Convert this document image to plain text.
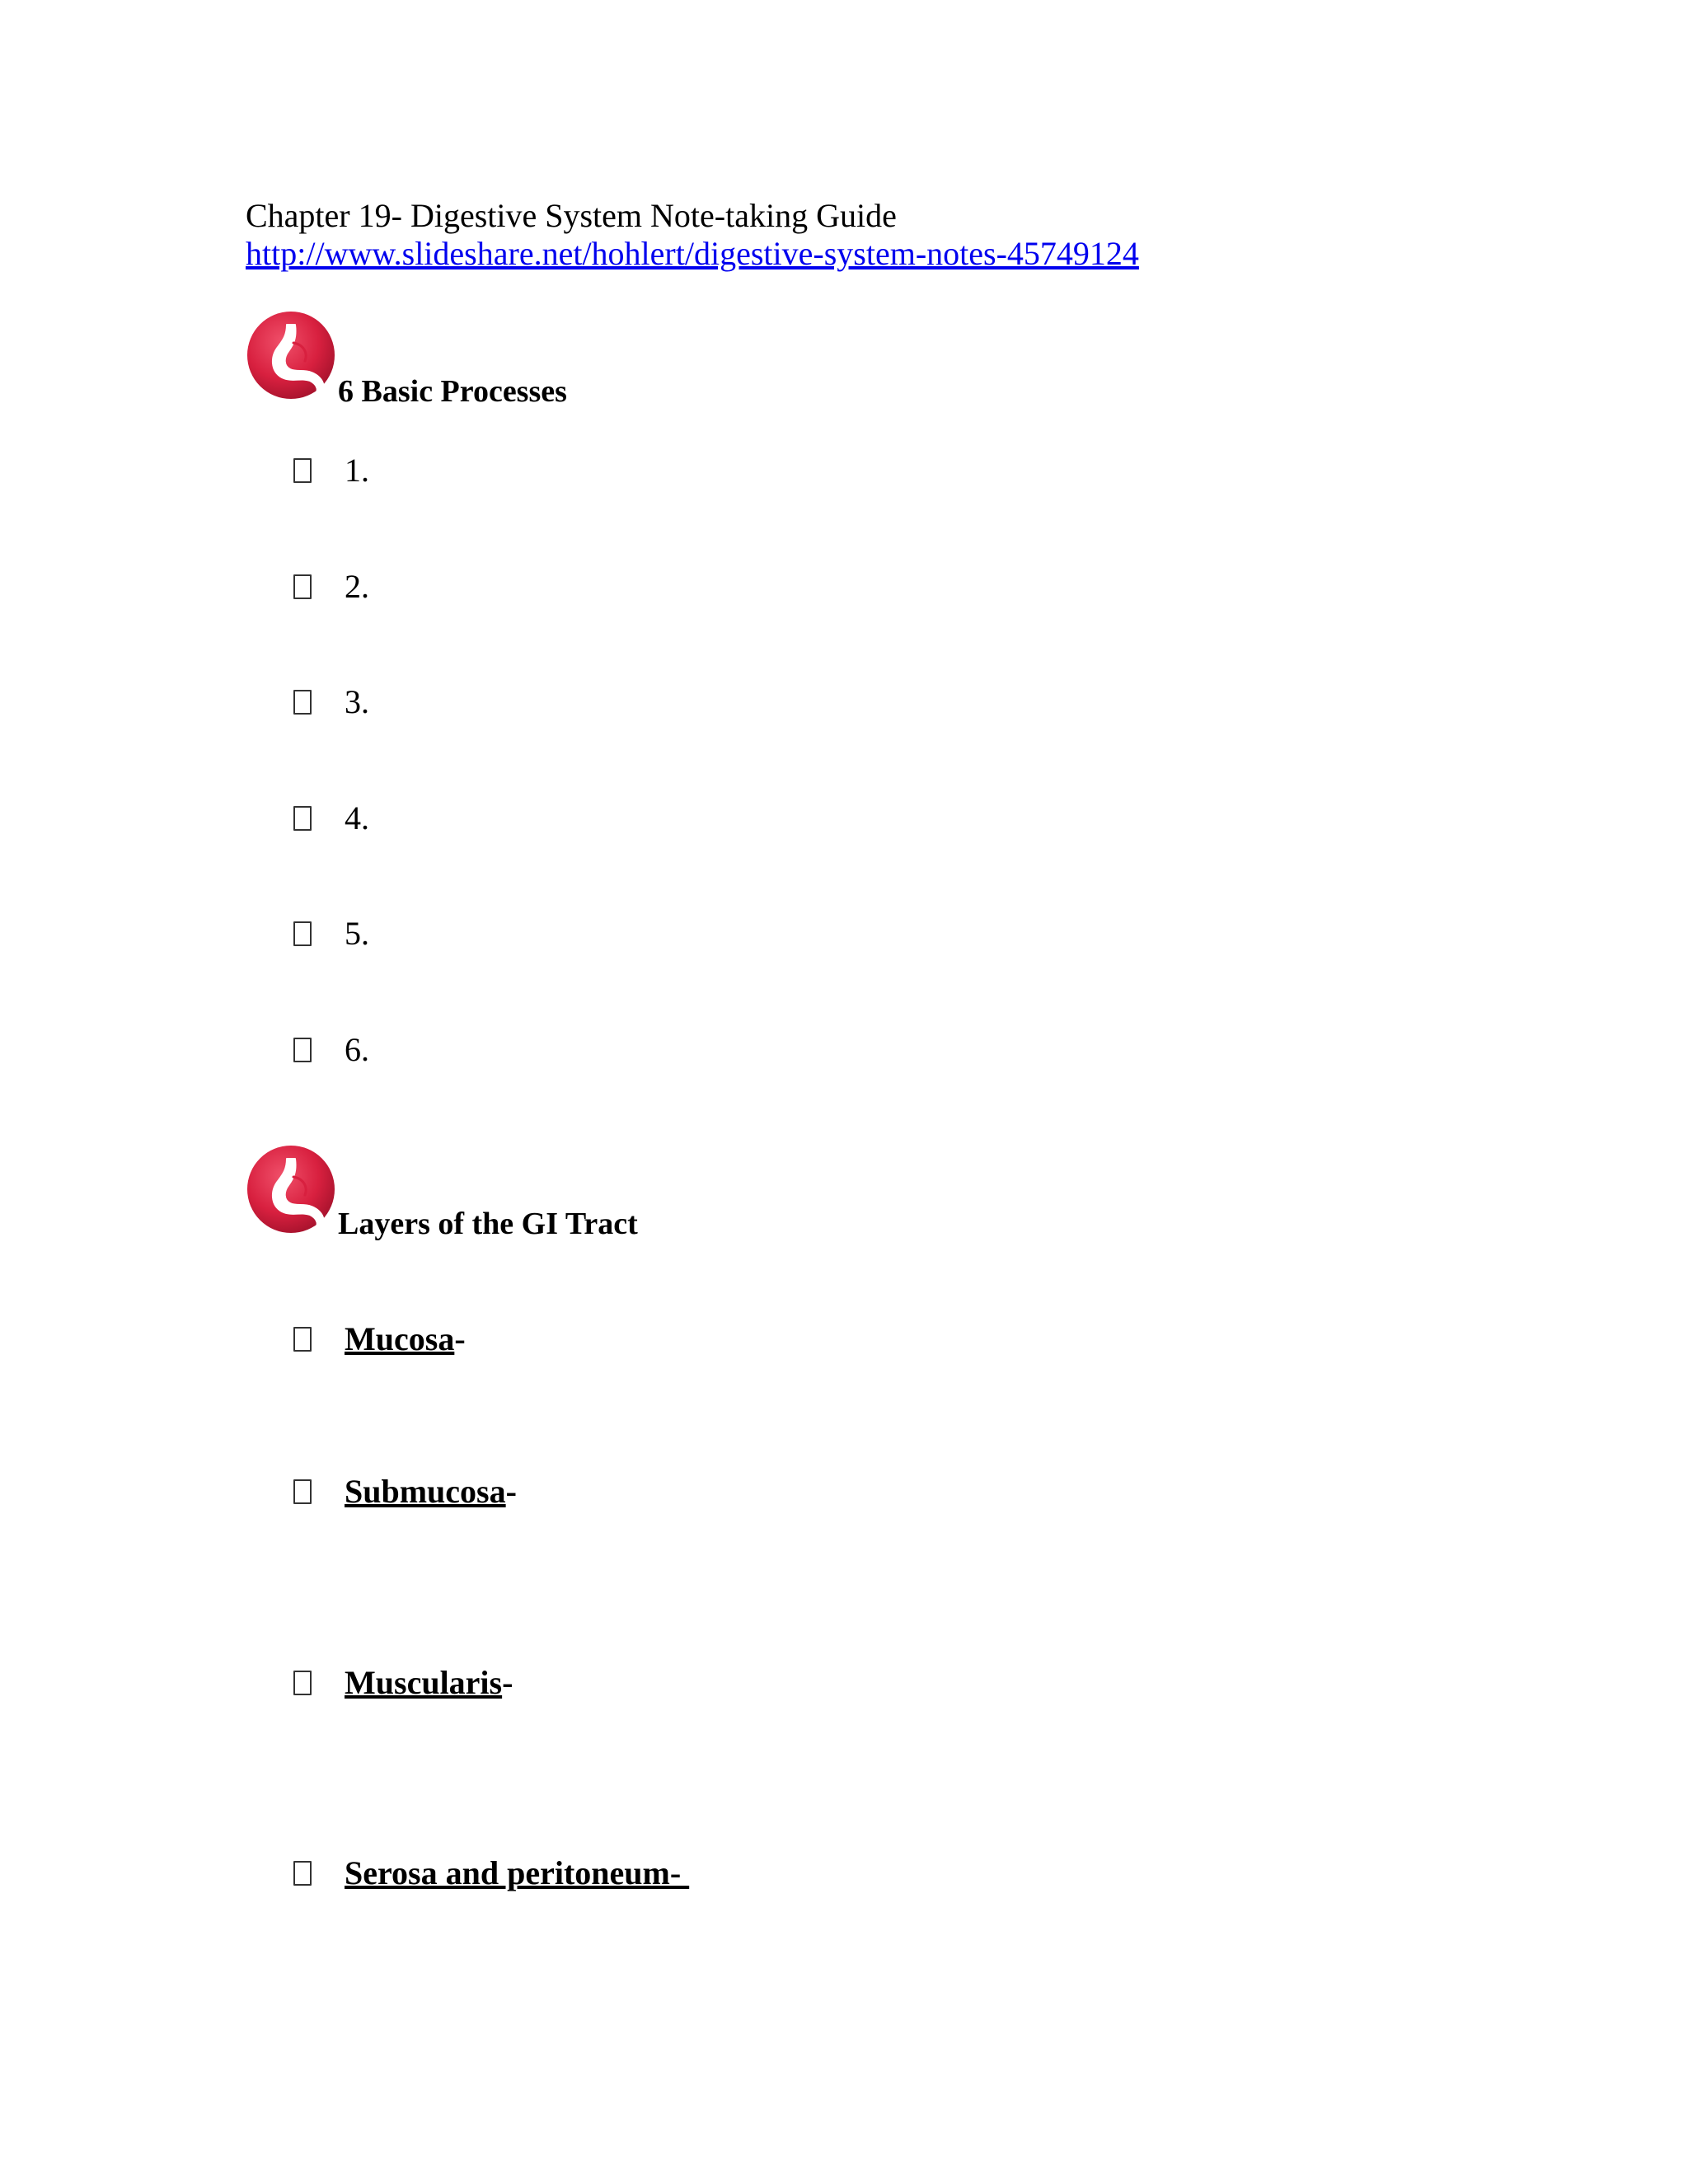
Chapter 19- Digestive System Note-taking Guide
http://www.slideshare.net/hohlert/digestive-system-notes-45749124
6 Basic Processes
1.
2.
3.
4.
5.
6.
Layers of the GI Tract
Mucosa-
Submucosa-
Muscularis-
Serosa and peritoneum-
